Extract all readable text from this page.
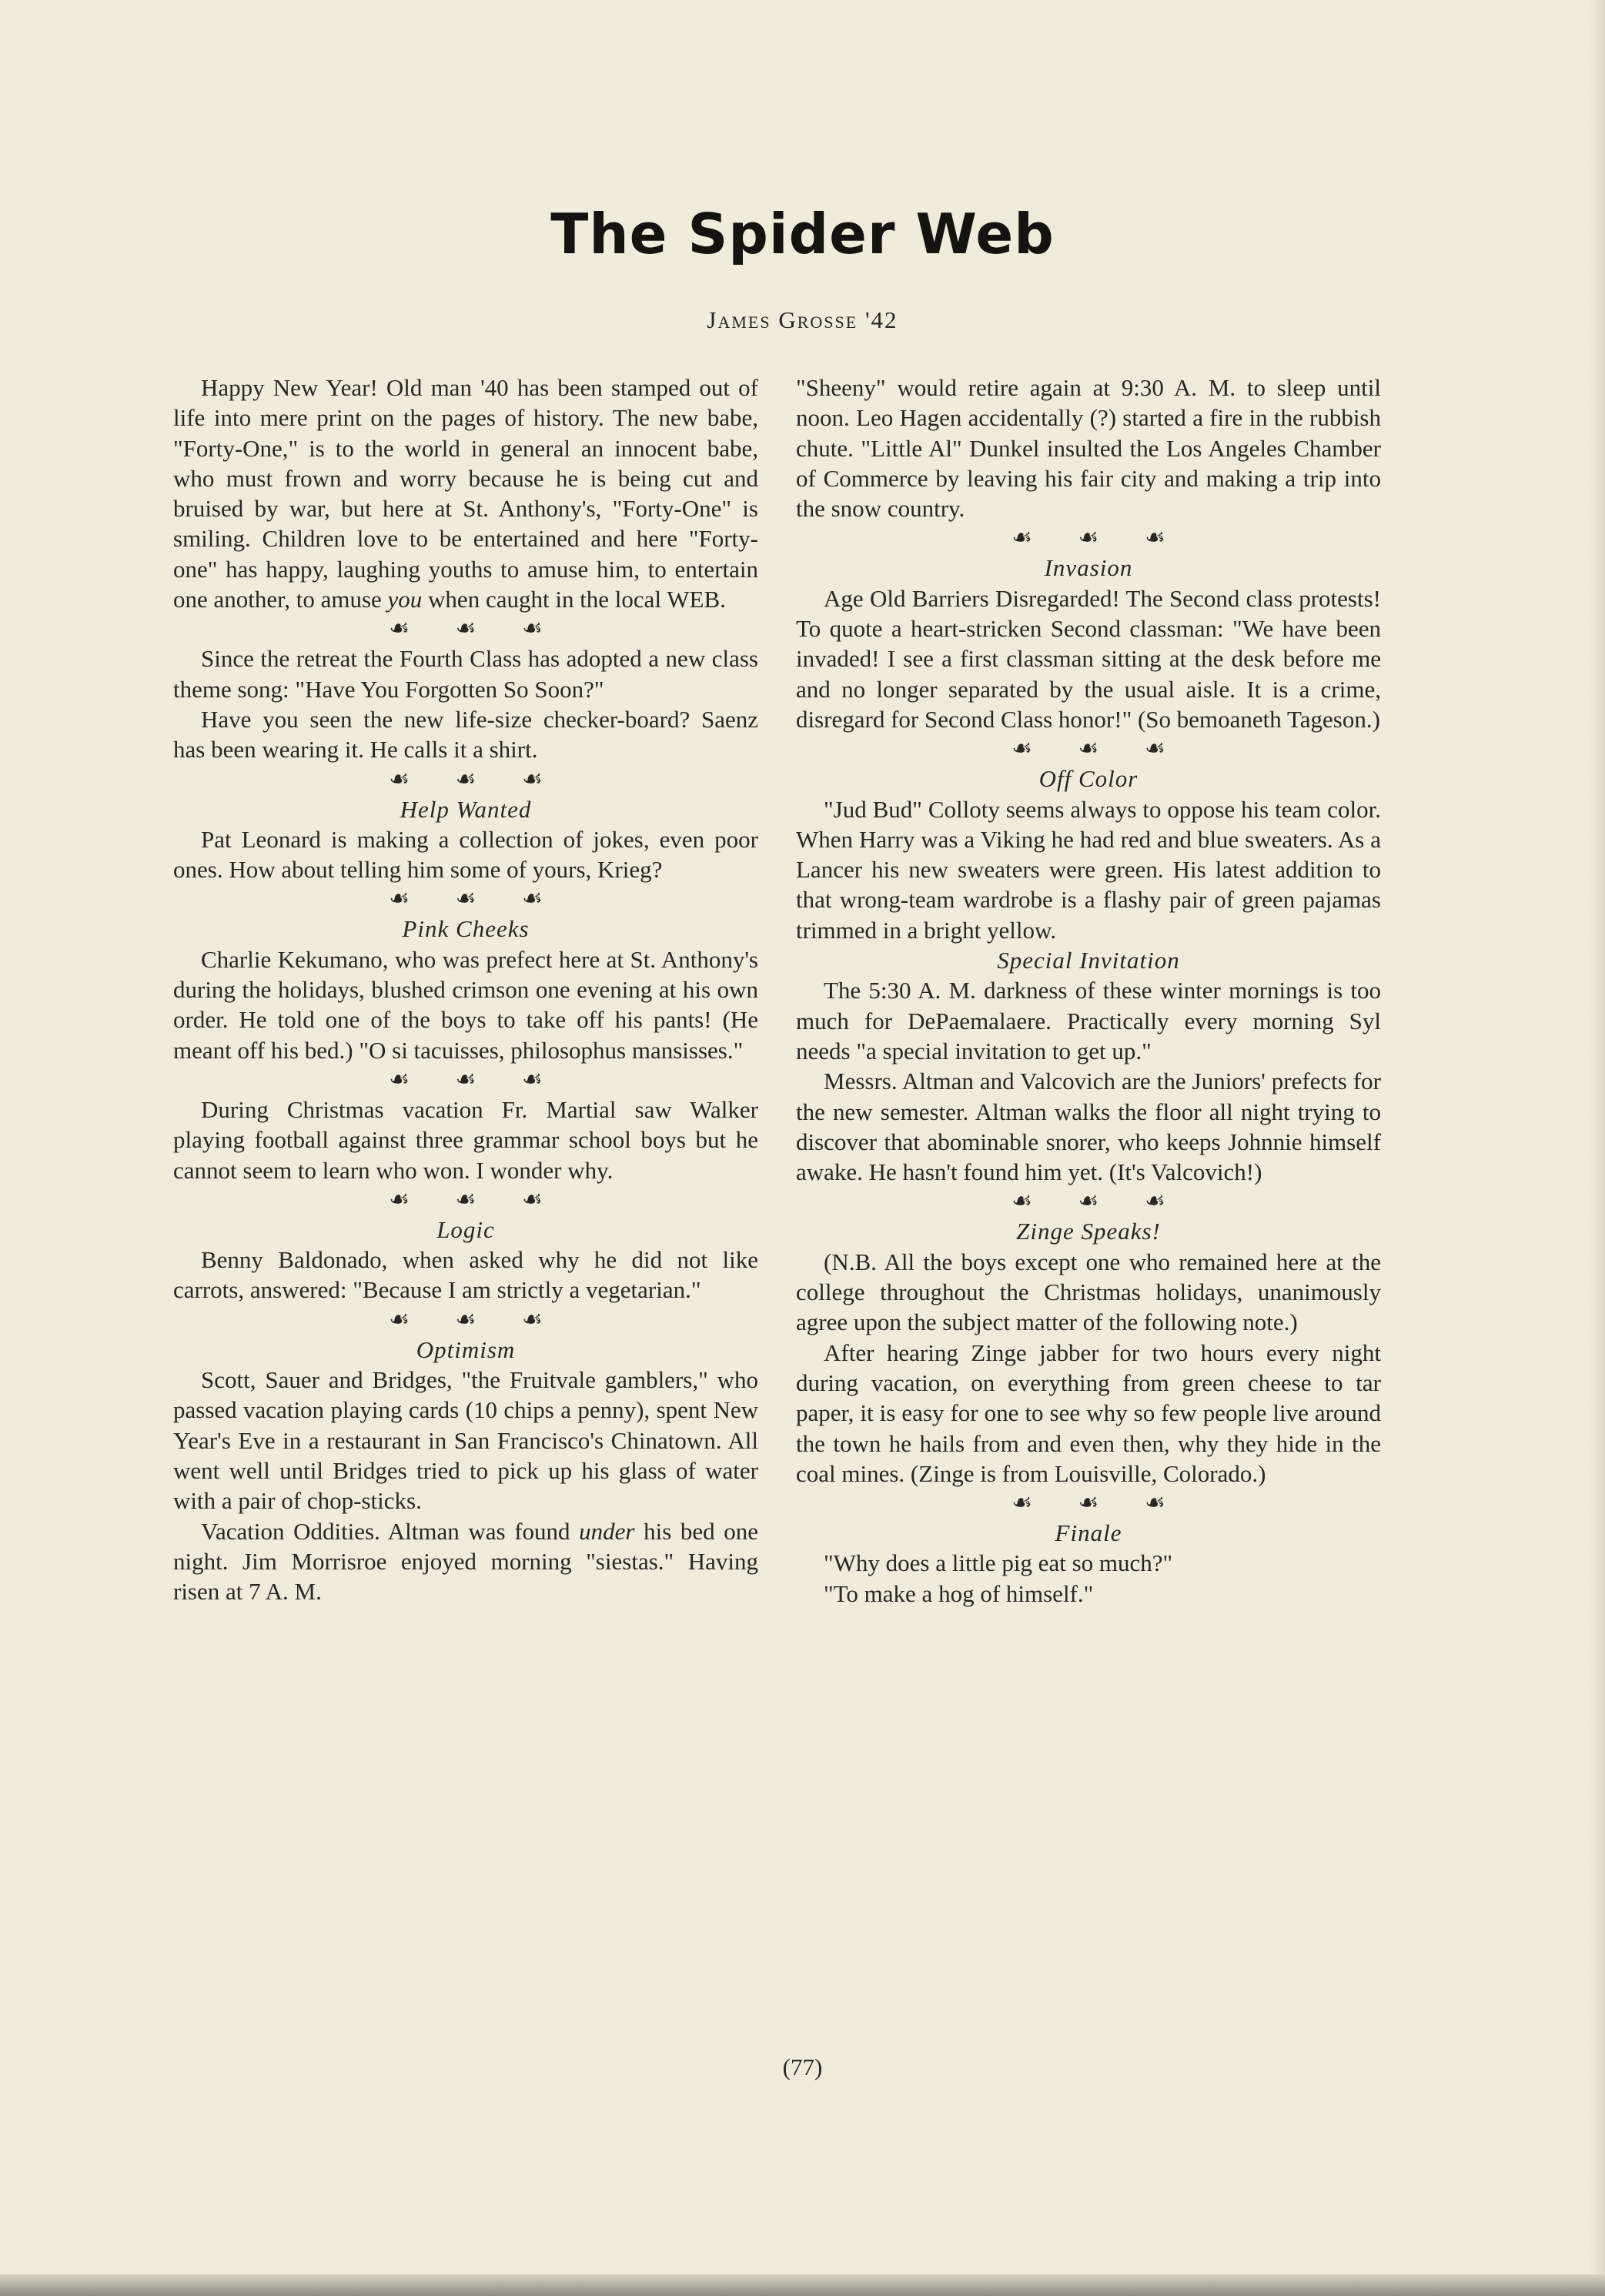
The Spider Web
James Grosse '42

Happy New Year! Old man '40 has been stamped out of life into mere print on the pages of history. The new babe, "Forty-One," is to the world in general an innocent babe, who must frown and worry because he is being cut and bruised by war, but here at St. Anthony's, "Forty-One" is smiling. Children love to be entertained and here "Forty-one" has happy, laughing youths to amuse him, to entertain one another, to amuse you when caught in the local WEB.

☙ ☙ ☙

Since the retreat the Fourth Class has adopted a new class theme song: "Have You Forgotten So Soon?"

Have you seen the new life-size checker-board? Saenz has been wearing it. He calls it a shirt.

☙ ☙ ☙
Help Wanted

Pat Leonard is making a collection of jokes, even poor ones. How about telling him some of yours, Krieg?

☙ ☙ ☙
Pink Cheeks

Charlie Kekumano, who was prefect here at St. Anthony's during the holidays, blushed crimson one evening at his own order. He told one of the boys to take off his pants! (He meant off his bed.) "O si tacuisses, philosophus mansisses."

☙ ☙ ☙

During Christmas vacation Fr. Martial saw Walker playing football against three grammar school boys but he cannot seem to learn who won. I wonder why.

☙ ☙ ☙
Logic

Benny Baldonado, when asked why he did not like carrots, answered: "Because I am strictly a vegetarian."

☙ ☙ ☙
Optimism

Scott, Sauer and Bridges, "the Fruitvale gamblers," who passed vacation playing cards (10 chips a penny), spent New Year's Eve in a restaurant in San Francisco's Chinatown. All went well until Bridges tried to pick up his glass of water with a pair of chop-sticks.

Vacation Oddities. Altman was found under his bed one night. Jim Morrisroe enjoyed morning "siestas." Having risen at 7 A. M.

"Sheeny" would retire again at 9:30 A. M. to sleep until noon. Leo Hagen accidentally (?) started a fire in the rubbish chute. "Little Al" Dunkel insulted the Los Angeles Chamber of Commerce by leaving his fair city and making a trip into the snow country.

☙ ☙ ☙
Invasion

Age Old Barriers Disregarded! The Second class protests! To quote a heart-stricken Second classman: "We have been invaded! I see a first classman sitting at the desk before me and no longer separated by the usual aisle. It is a crime, disregard for Second Class honor!" (So bemoaneth Tageson.)

☙ ☙ ☙
Off Color

"Jud Bud" Colloty seems always to oppose his team color. When Harry was a Viking he had red and blue sweaters. As a Lancer his new sweaters were green. His latest addition to that wrong-team wardrobe is a flashy pair of green pajamas trimmed in a bright yellow.

Special Invitation

The 5:30 A. M. darkness of these winter mornings is too much for DePaemalaere. Practically every morning Syl needs "a special invitation to get up."

Messrs. Altman and Valcovich are the Juniors' prefects for the new semester. Altman walks the floor all night trying to discover that abominable snorer, who keeps Johnnie himself awake. He hasn't found him yet. (It's Valcovich!)

☙ ☙ ☙
Zinge Speaks!

(N.B. All the boys except one who remained here at the college throughout the Christmas holidays, unanimously agree upon the subject matter of the following note.)

After hearing Zinge jabber for two hours every night during vacation, on everything from green cheese to tar paper, it is easy for one to see why so few people live around the town he hails from and even then, why they hide in the coal mines. (Zinge is from Louisville, Colorado.)

☙ ☙ ☙
Finale

"Why does a little pig eat so much?"

"To make a hog of himself."

(77)
